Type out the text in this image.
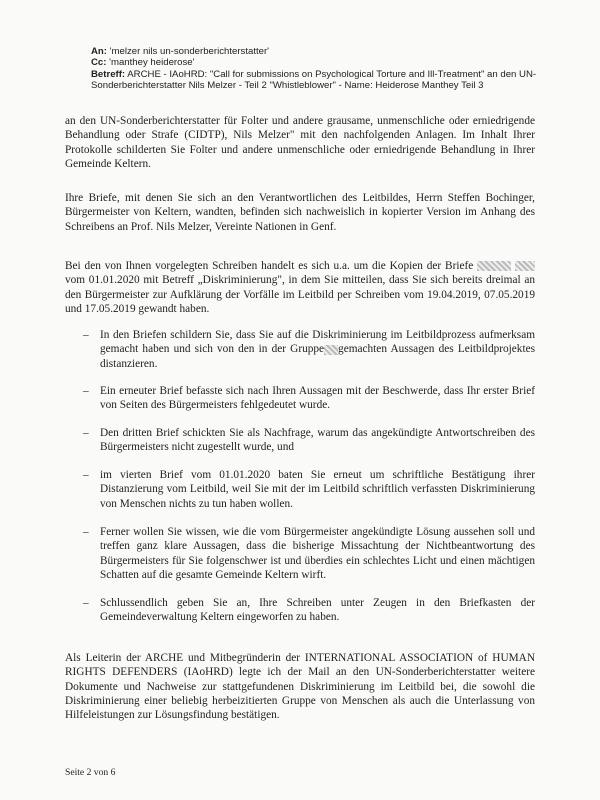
An: 'melzer nils un-sonderberichterstatter'
Cc: 'manthey heiderose'
Betreff: ARCHE - IAoHRD: "Call for submissions on Psychological Torture and Ill-Treatment" an den UN-Sonderberichterstatter Nils Melzer - Teil 2 "Whistleblower" - Name: Heiderose Manthey Teil 3
an den UN-Sonderberichterstatter für Folter und andere grausame, unmenschliche oder erniedrigende Behandlung oder Strafe (CIDTP), Nils Melzer" mit den nachfolgenden Anlagen. Im Inhalt Ihrer Protokolle schilderten Sie Folter und andere unmenschliche oder erniedrigende Behandlung in Ihrer Gemeinde Keltern.
Ihre Briefe, mit denen Sie sich an den Verantwortlichen des Leitbildes, Herrn Steffen Bochinger, Bürgermeister von Keltern, wandten, befinden sich nachweislich in kopierter Version im Anhang des Schreibens an Prof. Nils Melzer, Vereinte Nationen in Genf.
Bei den von Ihnen vorgelegten Schreiben handelt es sich u.a. um die Kopien der Briefe   vom 01.01.2020 mit Betreff „Diskriminierung", in dem Sie mitteilen, dass Sie sich bereits dreimal an den Bürgermeister zur Aufklärung der Vorfälle im Leitbild per Schreiben vom 19.04.2019, 07.05.2019 und 17.05.2019 gewandt haben.
– In den Briefen schildern Sie, dass Sie auf die Diskriminierung im Leitbildprozess aufmerksam gemacht haben und sich von den in der Gruppe gemachten Aussagen des Leitbildprojektes distanzieren.
– Ein erneuter Brief befasste sich nach Ihren Aussagen mit der Beschwerde, dass Ihr erster Brief von Seiten des Bürgermeisters fehlgedeutet wurde.
– Den dritten Brief schickten Sie als Nachfrage, warum das angekündigte Antwortschreiben des Bürgermeisters nicht zugestellt wurde, und
– im vierten Brief vom 01.01.2020 baten Sie erneut um schriftliche Bestätigung ihrer Distanzierung vom Leitbild, weil Sie mit der im Leitbild schriftlich verfassten Diskriminierung von Menschen nichts zu tun haben wollen.
– Ferner wollen Sie wissen, wie die vom Bürgermeister angekündigte Lösung aussehen soll und treffen ganz klare Aussagen, dass die bisherige Missachtung der Nichtbeantwortung des Bürgermeisters für Sie folgenschwer ist und überdies ein schlechtes Licht und einen mächtigen Schatten auf die gesamte Gemeinde Keltern wirft.
– Schlussendlich geben Sie an, Ihre Schreiben unter Zeugen in den Briefkasten der Gemeindeverwaltung Keltern eingeworfen zu haben.
Als Leiterin der ARCHE und Mitbegründerin der INTERNATIONAL ASSOCIATION of HUMAN RIGHTS DEFENDERS (IAoHRD) legte ich der Mail an den UN-Sonderberichterstatter weitere Dokumente und Nachweise zur stattgefundenen Diskriminierung im Leitbild bei, die sowohl die Diskriminierung einer beliebig herbeizitierten Gruppe von Menschen als auch die Unterlassung von Hilfeleistungen zur Lösungsfindung bestätigen.
Seite 2 von 6
